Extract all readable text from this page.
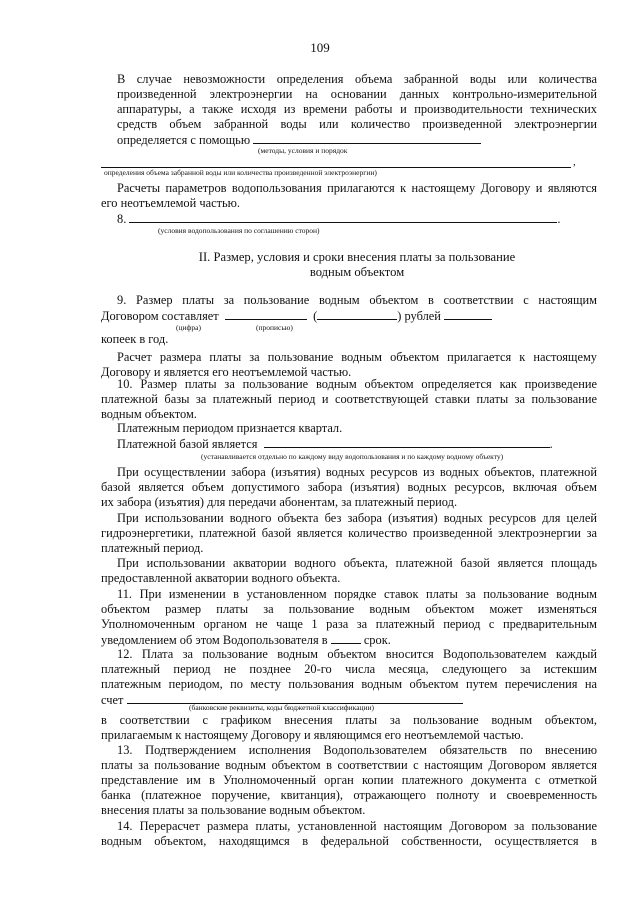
109
В случае невозможности определения объема забранной воды или количества
произведенной электроэнергии на основании данных контрольно-измерительной
аппаратуры, а также исходя из времени работы и производительности технических
средств объем забранной воды или количество произведенной электроэнергии
определяется с помощью
(методы, условия и порядок
,
определения объема забранной воды или количества произведенной электроэнергии)
Расчеты параметров водопользования прилагаются к настоящему Договору и являются
его неотъемлемой частью.
8.	.
(условия водопользования по соглашению сторон)
II. Размер, условия и сроки внесения платы за пользование
водным объектом
9. Размер платы за пользование водным объектом в соответствии с настоящим
Договором составляет	(	) рублей
(цифра)	(прописью)
копеек в год.
Расчет размера платы за пользование водным объектом прилагается к настоящему
Договору и является его неотъемлемой частью.
10. Размер платы за пользование водным объектом определяется как произведение
платежной базы за платежный период и соответствующей ставки платы за пользование
водным объектом.
Платежным периодом признается квартал.
Платежной базой является	.
(устанавливается отдельно по каждому виду водопользования и по каждому водному объекту)
При осуществлении забора (изъятия) водных ресурсов из водных объектов, платежной
базой является объем допустимого забора (изъятия) водных ресурсов, включая объем
их забора (изъятия) для передачи абонентам, за платежный период.
При использовании водного объекта без забора (изъятия) водных ресурсов для целей
гидроэнергетики, платежной базой является количество произведенной электроэнергии за
платежный период.
При использовании акватории водного объекта, платежной базой является площадь
предоставленной акватории водного объекта.
11. При изменении в установленном порядке ставок платы за пользование водным
объектом размер платы за пользование водным объектом может изменяться
Уполномоченным органом не чаще 1 раза за платежный период с предварительным
уведомлением об этом Водопользователя в	срок.
12. Плата за пользование водным объектом вносится Водопользователем каждый
платежный период не позднее 20-го числа месяца, следующего за истекшим
платежным периодом, по месту пользования водным объектом путем перечисления на
счет
(банковские реквизиты, коды бюджетной классификации)
в соответствии с графиком внесения платы за пользование водным объектом,
прилагаемым к настоящему Договору и являющимся его неотъемлемой частью.
13. Подтверждением исполнения Водопользователем обязательств по внесению
платы за пользование водным объектом в соответствии с настоящим Договором является
представление им в Уполномоченный орган копии платежного документа с отметкой
банка (платежное поручение, квитанция), отражающего полноту и своевременность
внесения платы за пользование водным объектом.
14. Перерасчет размера платы, установленной настоящим Договором за пользование
водным объектом, находящимся в федеральной собственности, осуществляется в
